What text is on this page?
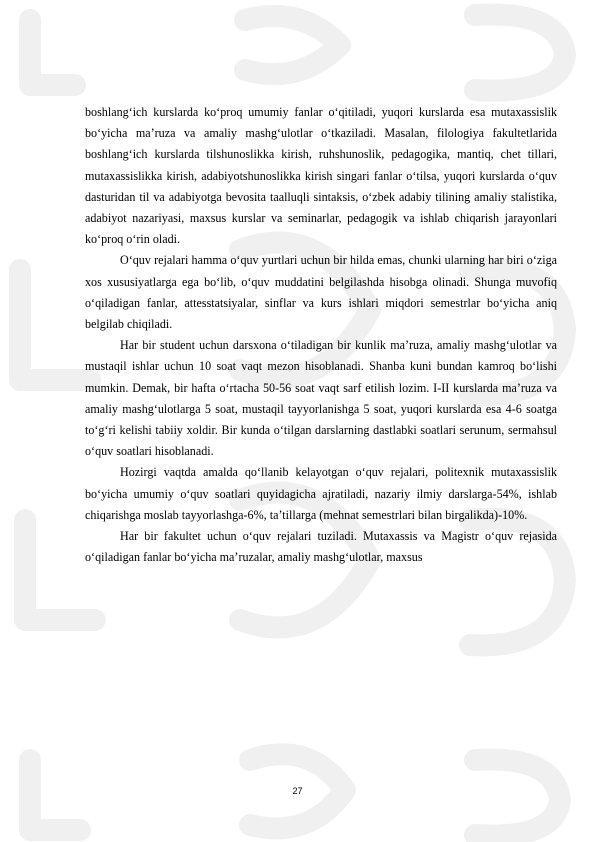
boshlang‘ich kurslarda ko‘proq umumiy fanlar o‘qitiladi, yuqori kurslarda esa mutaxassislik bo‘yicha ma’ruza va amaliy mashg‘ulotlar o‘tkaziladi. Masalan, filologiya fakultetlarida boshlang‘ich kurslarda tilshunoslikka kirish, ruhshunoslik, pedagogika, mantiq, chet tillari, mutaxassislikka kirish, adabiyotshunoslikka kirish singari fanlar o‘tilsa, yuqori kurslarda o‘quv dasturidan til va adabiyotga bevosita taalluqli sintaksis, o‘zbek adabiy tilining amaliy stalistika, adabiyot nazariyasi, maxsus kurslar va seminarlar, pedagogik va ishlab chiqarish jarayonlari ko‘proq o‘rin oladi.

O‘quv rejalari hamma o‘quv yurtlari uchun bir hilda emas, chunki ularning har biri o‘ziga xos xususiyatlarga ega bo‘lib, o‘quv muddatini belgilashda hisobga olinadi. Shunga muvofiq o‘qiladigan fanlar, attesstatsiyalar, sinflar va kurs ishlari miqdori semestrlar bo‘yicha aniq belgilab chiqiladi.

Har bir student uchun darsxona o‘tiladigan bir kunlik ma’ruza, amaliy mashg‘ulotlar va mustaqil ishlar uchun 10 soat vaqt mezon hisoblanadi. Shanba kuni bundan kamroq bo‘lishi mumkin. Demak, bir hafta o‘rtacha 50-56 soat vaqt sarf etilish lozim. I-II kurslarda ma’ruza va amaliy mashg‘ulotlarga 5 soat, mustaqil tayyorlanishga 5 soat, yuqori kurslarda esa 4-6 soatga to‘g‘ri kelishi tabiiy xoldir. Bir kunda o‘tilgan darslarning dastlabki soatlari serunum, sermahsul o‘quv soatlari hisoblanadi.

Hozirgi vaqtda amalda qo‘llanib kelayotgan o‘quv rejalari, politexnik mutaxassislik bo‘yicha umumiy o‘quv soatlari quyidagicha ajratiladi, nazariy ilmiy darslarga-54%, ishlab chiqarishga moslab tayyorlashga-6%, ta’tillarga (mehnat semestrlari bilan birgalikda)-10%.

Har bir fakultet uchun o‘quv rejalari tuziladi. Mutaxassis va Magistr o‘quv rejasida o‘qiladigan fanlar bo‘yicha ma’ruzalar, amaliy mashg‘ulotlar, maxsus

27
